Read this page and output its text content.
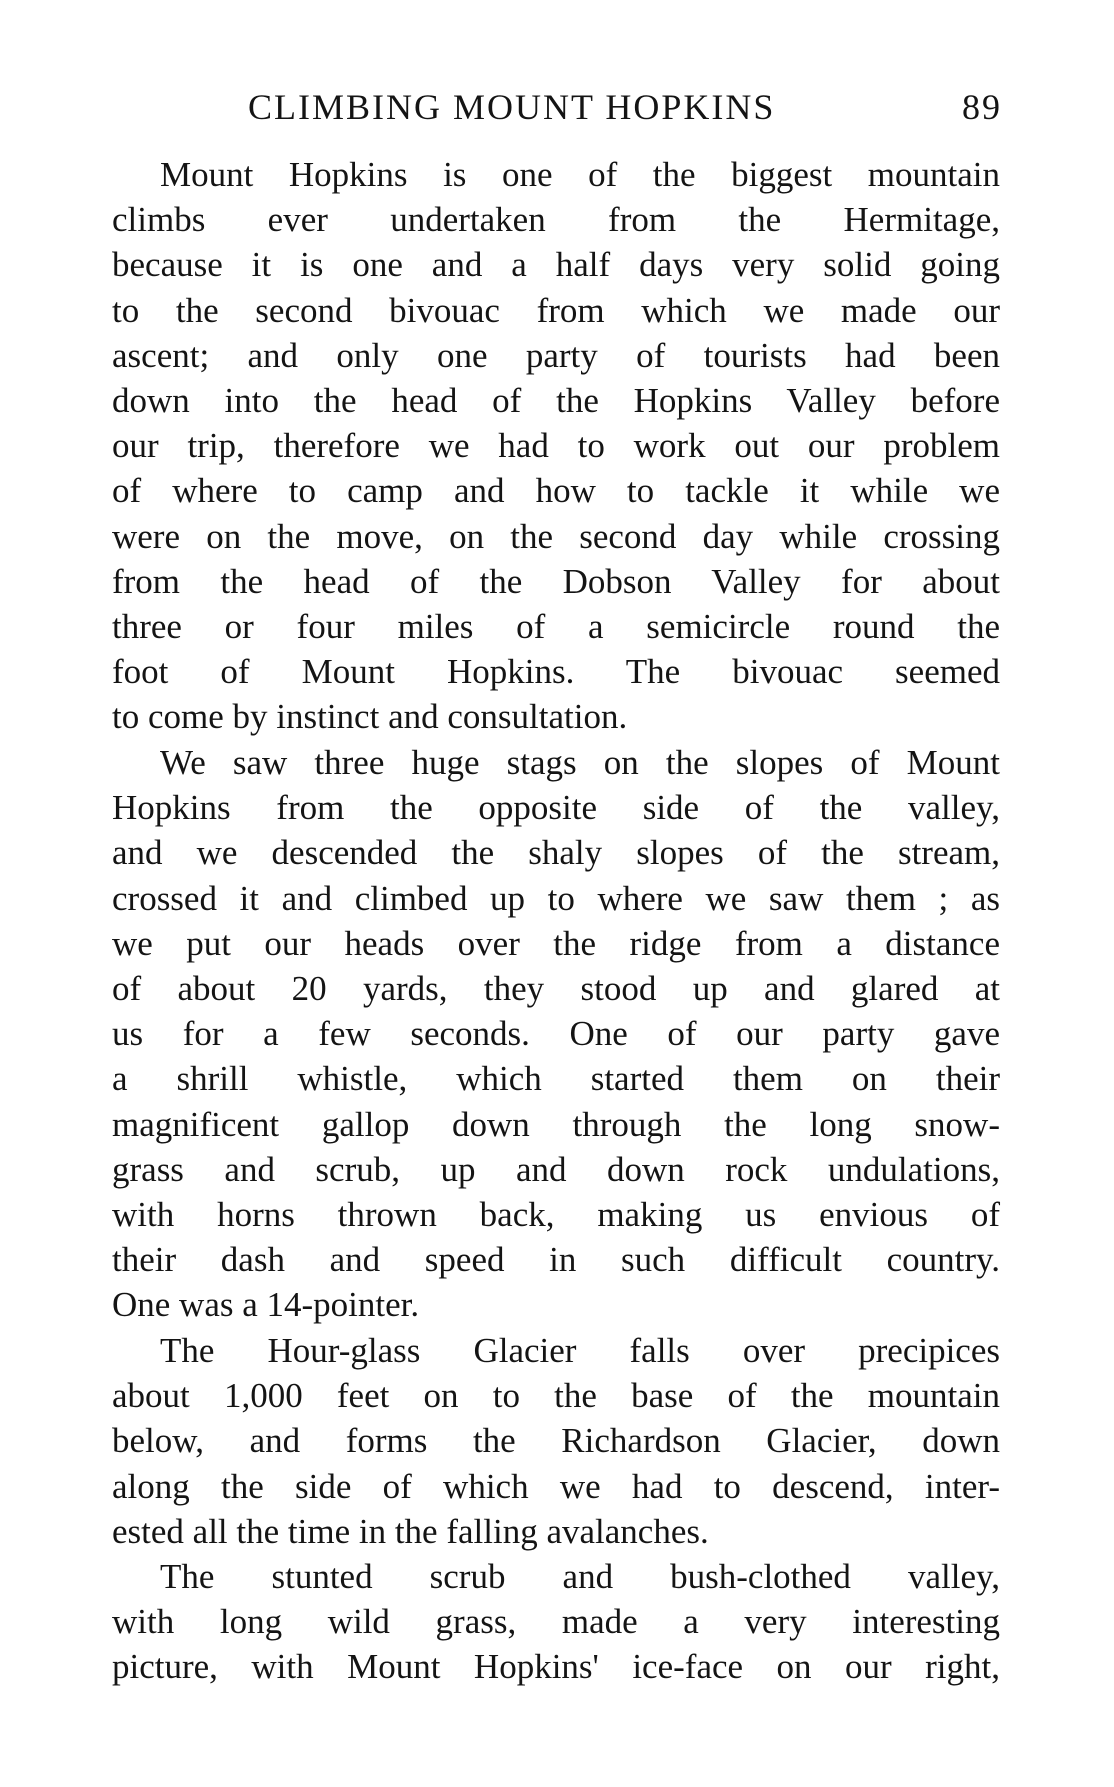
CLIMBING MOUNT HOPKINS	89
Mount Hopkins is one of the biggest mountain
climbs ever undertaken from the Hermitage,
because it is one and a half days very solid going
to the second bivouac from which we made our
ascent; and only one party of tourists had been
down into the head of the Hopkins Valley before
our trip, therefore we had to work out our problem
of where to camp and how to tackle it while we
were on the move, on the second day while crossing
from the head of the Dobson Valley for about
three or four miles of a semicircle round the
foot of Mount Hopkins. The bivouac seemed
to come by instinct and consultation.
We saw three huge stags on the slopes of Mount
Hopkins from the opposite side of the valley,
and we descended the shaly slopes of the stream,
crossed it and climbed up to where we saw them ; as
we put our heads over the ridge from a distance
of about 20 yards, they stood up and glared at
us for a few seconds. One of our party gave
a shrill whistle, which started them on their
magnificent gallop down through the long snow-
grass and scrub, up and down rock undulations,
with horns thrown back, making us envious of
their dash and speed in such difficult country.
One was a 14-pointer.
The Hour-glass Glacier falls over precipices
about 1,000 feet on to the base of the mountain
below, and forms the Richardson Glacier, down
along the side of which we had to descend, inter-
ested all the time in the falling avalanches.
The stunted scrub and bush-clothed valley,
with long wild grass, made a very interesting
picture, with Mount Hopkins' ice-face on our right,
